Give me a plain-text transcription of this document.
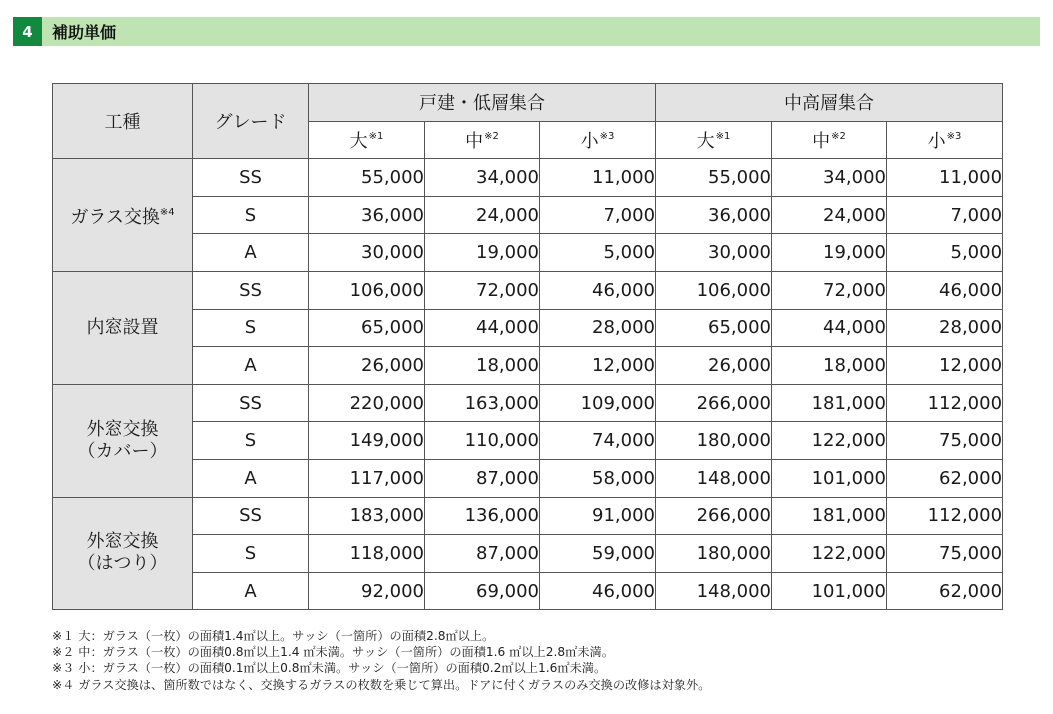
4	補助単価
工種	グレード	戸建・低層集合			中高層集合		
		大$^{※1}$	中$^{※2}$	小$^{※3}$	大$^{※1}$	中$^{※2}$	小$^{※3}$
ガラス交換$^{※4}$	SS	55,000	34,000	11,000	55,000	34,000	11,000
	S	36,000	24,000	7,000	36,000	24,000	7,000
	A	30,000	19,000	5,000	30,000	19,000	5,000
内窓設置	SS	106,000	72,000	46,000	106,000	72,000	46,000
	S	65,000	44,000	28,000	65,000	44,000	28,000
	A	26,000	18,000	12,000	26,000	18,000	12,000
外窓交換
（カバー）	SS	220,000	163,000	109,000	266,000	181,000	112,000
	S	149,000	110,000	74,000	180,000	122,000	75,000
	A	117,000	87,000	58,000	148,000	101,000	62,000
外窓交換
（はつり）	SS	183,000	136,000	91,000	266,000	181,000	112,000
	S	118,000	87,000	59,000	180,000	122,000	75,000
	A	92,000	69,000	46,000	148,000	101,000	62,000
※１ 大：ガラス（一枚）の面積1.4㎡以上。サッシ（一箇所）の面積2.8㎡以上。
※２ 中：ガラス（一枚）の面積0.8㎡以上1.4 ㎡未満。サッシ（一箇所）の面積1.6 ㎡以上2.8㎡未満。
※３ 小：ガラス（一枚）の面積0.1㎡以上0.8㎡未満。サッシ（一箇所）の面積0.2㎡以上1.6㎡未満。
※４ ガラス交換は、箇所数ではなく、交換するガラスの枚数を乗じて算出。ドアに付くガラスのみ交換の改修は対象外。
